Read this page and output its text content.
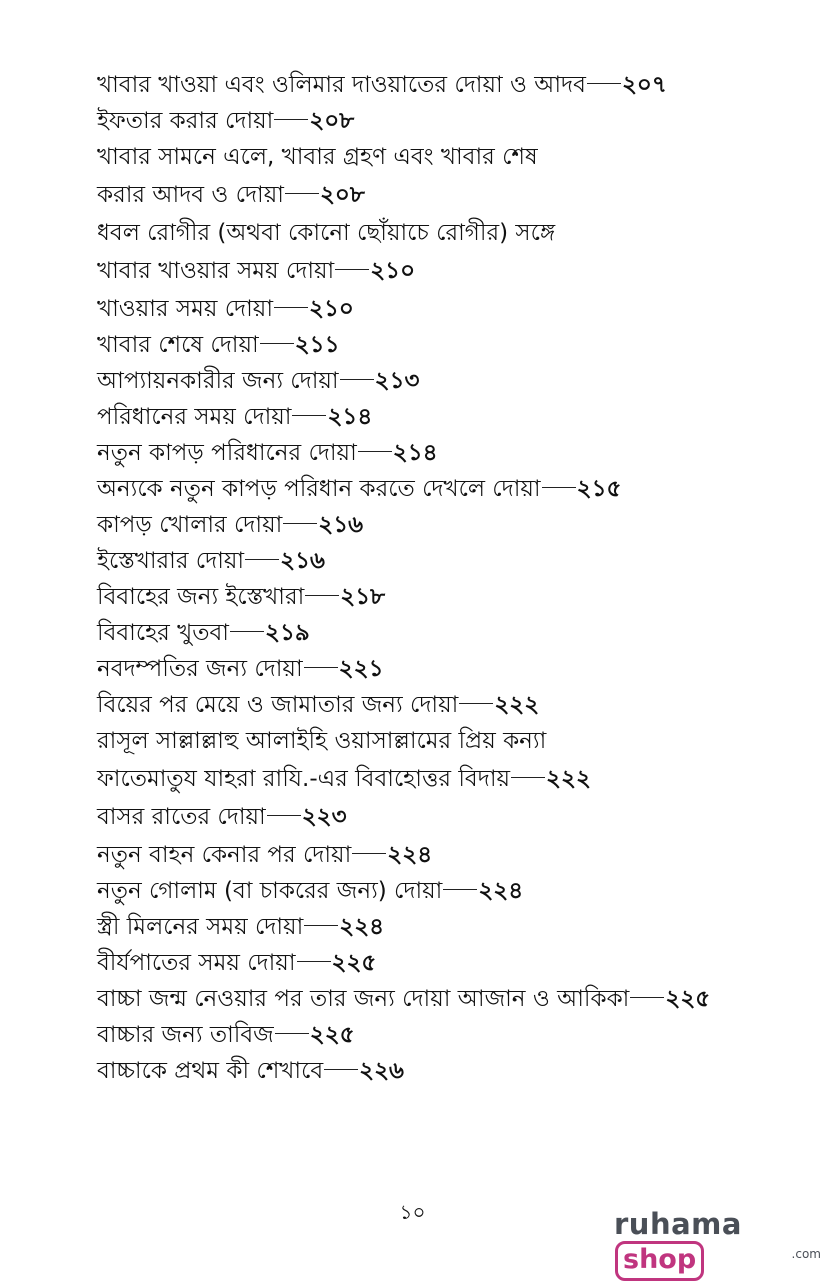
খাবার খাওয়া এবং ওলিমার দাওয়াতের দোয়া ও আদব ২০৭
ইফতার করার দোয়া ২০৮
খাবার সামনে এলে, খাবার গ্রহণ এবং খাবার শেষ
করার আদব ও দোয়া ২০৮
ধবল রোগীর (অথবা কোনো ছোঁয়াচে রোগীর) সঙ্গে
খাবার খাওয়ার সময় দোয়া ২১০
খাওয়ার সময় দোয়া ২১০
খাবার শেষে দোয়া ২১১
আপ্যায়নকারীর জন্য দোয়া ২১৩
পরিধানের সময় দোয়া ২১৪
নতুন কাপড় পরিধানের দোয়া ২১৪
অন্যকে নতুন কাপড় পরিধান করতে দেখলে দোয়া ২১৫
কাপড় খোলার দোয়া ২১৬
ইস্তেখারার দোয়া ২১৬
বিবাহের জন্য ইস্তেখারা ২১৮
বিবাহের খুতবা ২১৯
নবদম্পতির জন্য দোয়া ২২১
বিয়ের পর মেয়ে ও জামাতার জন্য দোয়া ২২২
রাসূল সাল্লাল্লাহু আলাইহি ওয়াসাল্লামের প্রিয় কন্যা
ফাতেমাতুয যাহরা রাযি.-এর বিবাহোত্তর বিদায় ২২২
বাসর রাতের দোয়া ২২৩
নতুন বাহন কেনার পর দোয়া ২২৪
নতুন গোলাম (বা চাকরের জন্য) দোয়া ২২৪
স্ত্রী মিলনের সময় দোয়া ২২৪
বীর্যপাতের সময় দোয়া ২২৫
বাচ্চা জন্ম নেওয়ার পর তার জন্য দোয়া আজান ও আকিকা ২২৫
বাচ্চার জন্য তাবিজ ২২৫
বাচ্চাকে প্রথম কী শেখাবে ২২৬
১০	ruhamashop	.com
